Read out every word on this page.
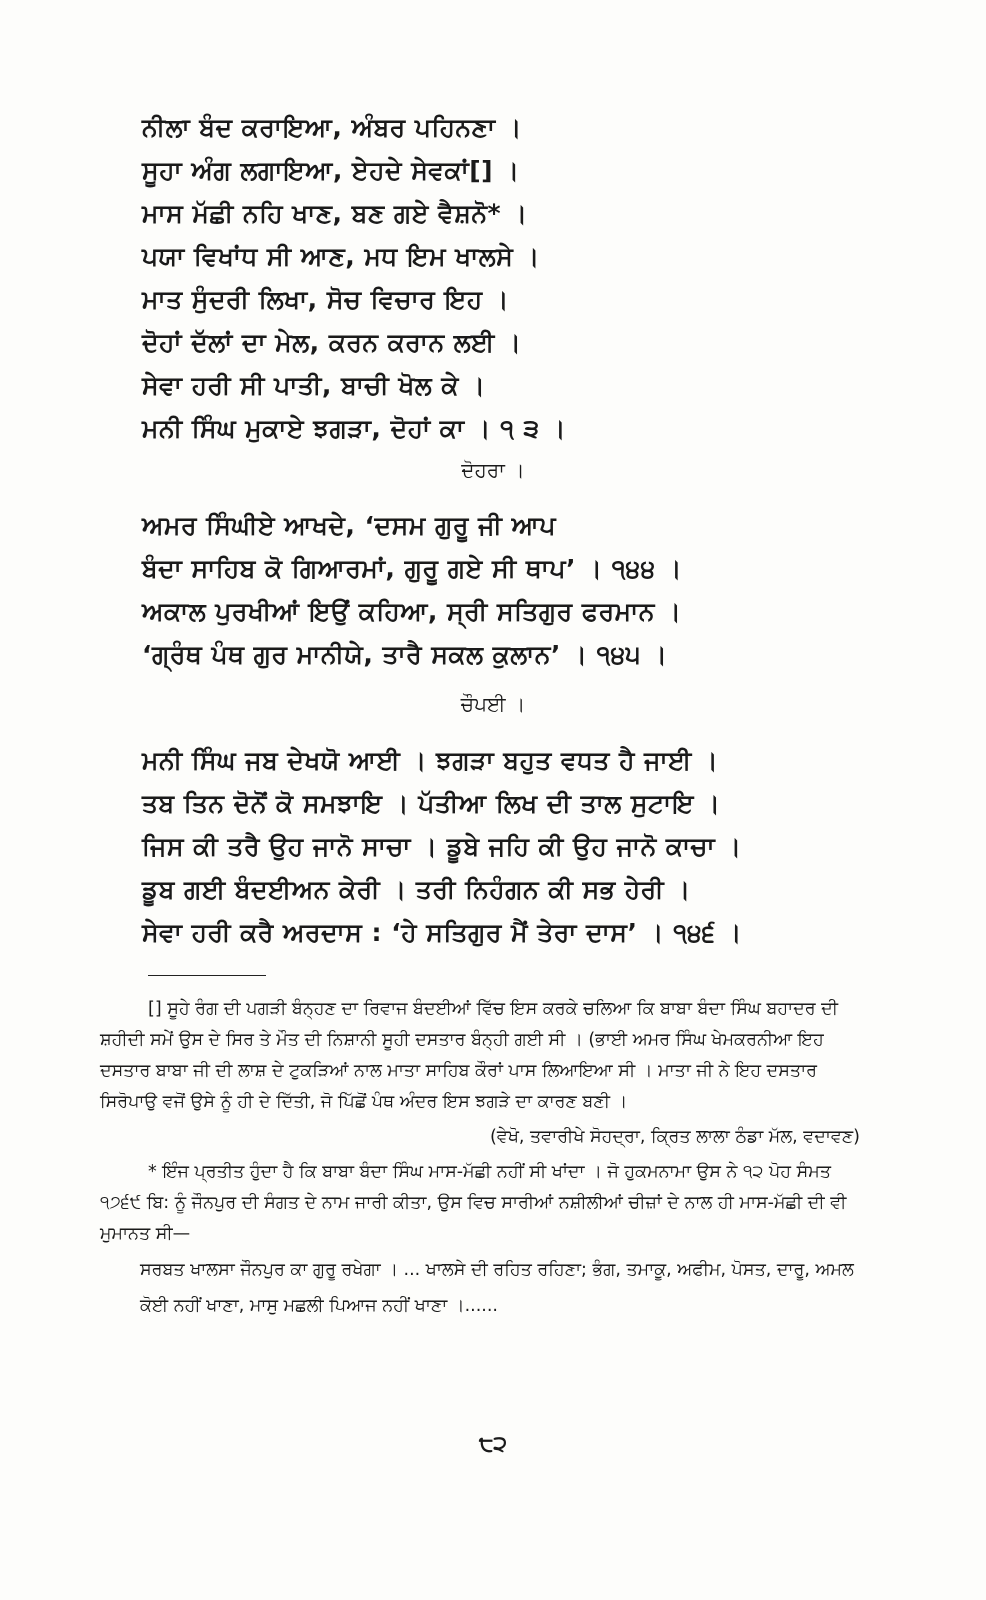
ਨੀਲਾ ਬੰਦ ਕਰਾਇਆ, ਅੰਬਰ ਪਹਿਨਣਾ ।
ਸੂਹਾ ਅੰਗ ਲਗਾਇਆ, ਏਹਦੇ ਸੇਵਕਾਂ[] ।
ਮਾਸ ਮੱਛੀ ਨਹਿ ਖਾਣ, ਬਣ ਗਏ ਵੈਸ਼ਨੋ* ।
ਪਯਾ ਵਿਖਾਂਧ ਸੀ ਆਣ, ਮਧ ਇਮ ਖਾਲਸੇ ।
ਮਾਤ ਸੁੰਦਰੀ ਲਿਖਾ, ਸੋਚ ਵਿਚਾਰ ਇਹ ।
ਦੋਹਾਂ ਦੱਲਾਂ ਦਾ ਮੇਲ, ਕਰਨ ਕਰਾਨ ਲਈ ।
ਸੇਵਾ ਹਰੀ ਸੀ ਪਾਤੀ, ਬਾਚੀ ਖੋਲ ਕੇ ।
ਮਨੀ ਸਿੰਘ ਮੁਕਾਏ ਝਗੜਾ, ਦੋਹਾਂ ਕਾ । ੧ ੩ ।
ਦੋਹਰਾ ।
ਅਮਰ ਸਿੰਘੀਏ ਆਖਦੇ, ‘ਦਸਮ ਗੁਰੂ ਜੀ ਆਪ
ਬੰਦਾ ਸਾਹਿਬ ਕੋ ਗਿਆਰਮਾਂ, ਗੁਰੂ ਗਏ ਸੀ ਥਾਪ’ । ੧੪੪ ।
ਅਕਾਲ ਪੁਰਖੀਆਂ ਇਉਂ ਕਹਿਆ, ਸ੍ਰੀ ਸਤਿਗੁਰ ਫਰਮਾਨ ।
‘ਗ੍ਰੰਥ ਪੰਥ ਗੁਰ ਮਾਨੀਯੇ, ਤਾਰੈ ਸਕਲ ਕੁਲਾਨ’ । ੧੪੫ ।
ਚੌਪਈ ।
ਮਨੀ ਸਿੰਘ ਜਬ ਦੇਖਯੋ ਆਈ । ਝਗੜਾ ਬਹੁਤ ਵਧਤ ਹੈ ਜਾਈ ।
ਤਬ ਤਿਨ ਦੋਨੋਂ ਕੋ ਸਮਝਾਇ । ਪੱਤੀਆ ਲਿਖ ਦੀ ਤਾਲ ਸੁਟਾਇ ।
ਜਿਸ ਕੀ ਤਰੈ ਉਹ ਜਾਨੋ ਸਾਚਾ । ਡੂਬੇ ਜਹਿ ਕੀ ਉਹ ਜਾਨੋ ਕਾਚਾ ।
ਡੂਬ ਗਈ ਬੰਦਈਅਨ ਕੇਰੀ । ਤਰੀ ਨਿਹੰਗਨ ਕੀ ਸਭ ਹੇਰੀ ।
ਸੇਵਾ ਹਰੀ ਕਰੈ ਅਰਦਾਸ : ‘ਹੇ ਸਤਿਗੁਰ ਮੈਂ ਤੇਰਾ ਦਾਸ’ । ੧੪੬ ।

[] ਸੂਹੇ ਰੰਗ ਦੀ ਪਗੜੀ ਬੰਨ੍ਹਣ ਦਾ ਰਿਵਾਜ ਬੰਦਈਆਂ ਵਿੱਚ ਇਸ ਕਰਕੇ ਚਲਿਆ ਕਿ ਬਾਬਾ ਬੰਦਾ ਸਿੰਘ ਬਹਾਦਰ ਦੀ ਸ਼ਹੀਦੀ ਸਮੇਂ ਉਸ ਦੇ ਸਿਰ ਤੇ ਮੌਤ ਦੀ ਨਿਸ਼ਾਨੀ ਸੂਹੀ ਦਸਤਾਰ ਬੰਨ੍ਹੀ ਗਈ ਸੀ । (ਭਾਈ ਅਮਰ ਸਿੰਘ ਖੇਮਕਰਨੀਆ ਇਹ ਦਸਤਾਰ ਬਾਬਾ ਜੀ ਦੀ ਲਾਸ਼ ਦੇ ਟੁਕੜਿਆਂ ਨਾਲ ਮਾਤਾ ਸਾਹਿਬ ਕੌਰਾਂ ਪਾਸ ਲਿਆਇਆ ਸੀ । ਮਾਤਾ ਜੀ ਨੇ ਇਹ ਦਸਤਾਰ ਸਿਰੋਪਾਉ ਵਜੋਂ ਉਸੇ ਨੂੰ ਹੀ ਦੇ ਦਿੱਤੀ, ਜੋ ਪਿੱਛੋਂ ਪੰਥ ਅੰਦਰ ਇਸ ਝਗੜੇ ਦਾ ਕਾਰਣ ਬਣੀ ।

(ਵੇਖੋ, ਤਵਾਰੀਖੇ ਸੋਹਦ੍ਰਾ, ਕ੍ਰਿਤ ਲਾਲਾ ਠੰਡਾ ਮੱਲ, ਵਦਾਵਣ)

* ਇੰਜ ਪ੍ਰਤੀਤ ਹੁੰਦਾ ਹੈ ਕਿ ਬਾਬਾ ਬੰਦਾ ਸਿੰਘ ਮਾਸ-ਮੱਛੀ ਨਹੀਂ ਸੀ ਖਾਂਦਾ । ਜੋ ਹੁਕਮਨਾਮਾ ਉਸ ਨੇ ੧੨ ਪੋਹ ਸੰਮਤ ੧੭੬੯ ਬਿ: ਨੂੰ ਜੌਨਪੁਰ ਦੀ ਸੰਗਤ ਦੇ ਨਾਮ ਜਾਰੀ ਕੀਤਾ, ਉਸ ਵਿਚ ਸਾਰੀਆਂ ਨਸ਼ੀਲੀਆਂ ਚੀਜ਼ਾਂ ਦੇ ਨਾਲ ਹੀ ਮਾਸ-ਮੱਛੀ ਦੀ ਵੀ ਮੁਮਾਨਤ ਸੀ—

ਸਰਬਤ ਖਾਲਸਾ ਜੌਨਪੁਰ ਕਾ ਗੁਰੂ ਰਖੇਗਾ । ... ਖਾਲਸੇ ਦੀ ਰਹਿਤ ਰਹਿਣਾ; ਭੰਗ, ਤਮਾਕੂ, ਅਫੀਮ, ਪੋਸਤ, ਦਾਰੂ, ਅਮਲ ਕੋਈ ਨਹੀਂ ਖਾਣਾ, ਮਾਸੁ ਮਛਲੀ ਪਿਆਜ ਨਹੀਂ ਖਾਣਾ ।......

੮੨
